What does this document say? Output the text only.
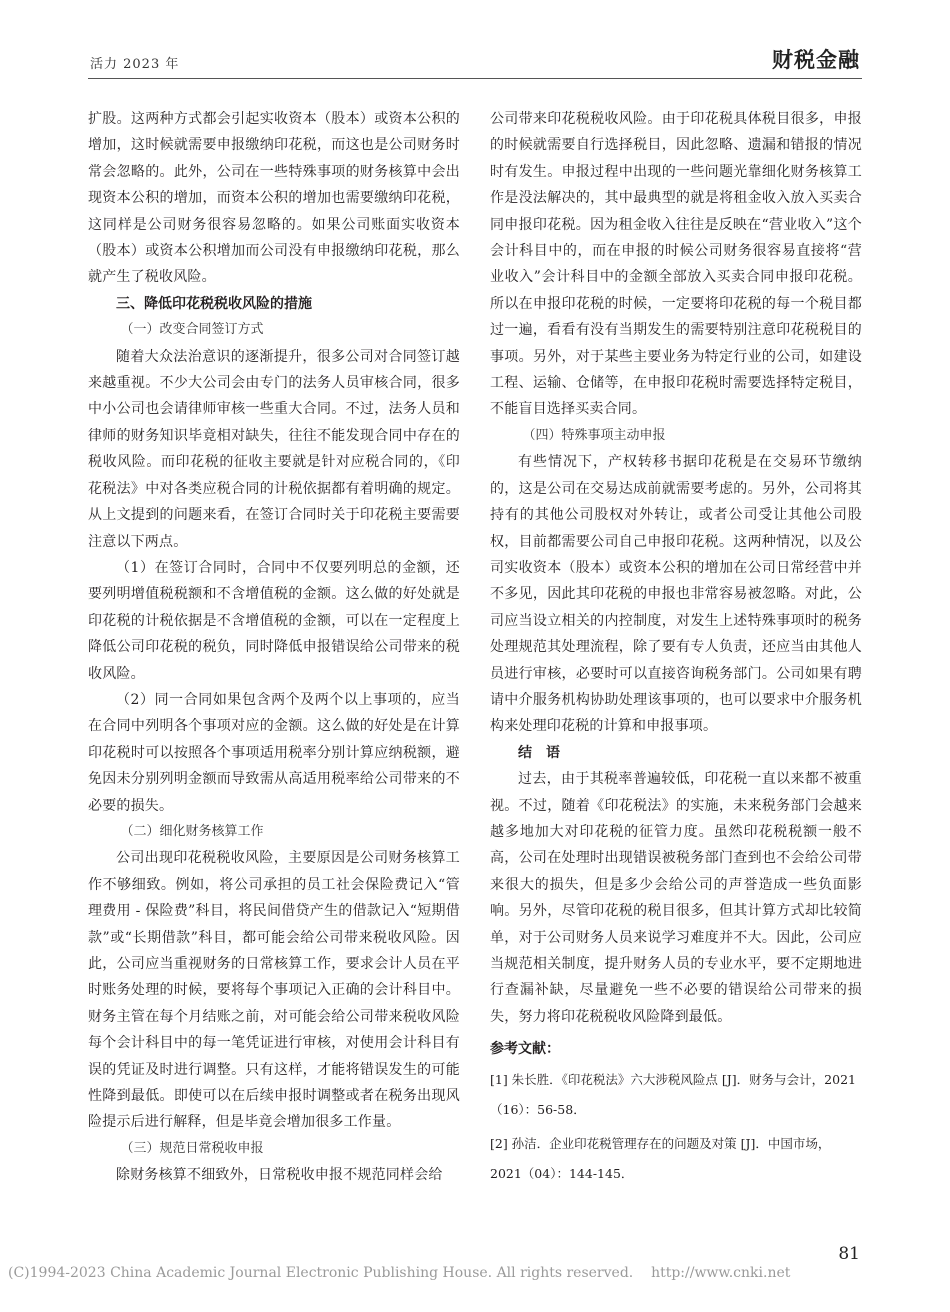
活力 2023 年	财税金融

扩股。这两种方式都会引起实收资本（股本）或资本公积的增加，这时候就需要申报缴纳印花税，而这也是公司财务时常会忽略的。此外，公司在一些特殊事项的财务核算中会出现资本公积的增加，而资本公积的增加也需要缴纳印花税，这同样是公司财务很容易忽略的。如果公司账面实收资本（股本）或资本公积增加而公司没有申报缴纳印花税，那么就产生了税收风险。

三、降低印花税税收风险的措施
（一）改变合同签订方式

随着大众法治意识的逐渐提升，很多公司对合同签订越来越重视。不少大公司会由专门的法务人员审核合同，很多中小公司也会请律师审核一些重大合同。不过，法务人员和律师的财务知识毕竟相对缺失，往往不能发现合同中存在的税收风险。而印花税的征收主要就是针对应税合同的，《印花税法》中对各类应税合同的计税依据都有着明确的规定。从上文提到的问题来看，在签订合同时关于印花税主要需要注意以下两点。

（1）在签订合同时，合同中不仅要列明总的金额，还要列明增值税税额和不含增值税的金额。这么做的好处就是印花税的计税依据是不含增值税的金额，可以在一定程度上降低公司印花税的税负，同时降低申报错误给公司带来的税收风险。

（2）同一合同如果包含两个及两个以上事项的，应当在合同中列明各个事项对应的金额。这么做的好处是在计算印花税时可以按照各个事项适用税率分别计算应纳税额，避免因未分别列明金额而导致需从高适用税率给公司带来的不必要的损失。

（二）细化财务核算工作

公司出现印花税税收风险，主要原因是公司财务核算工作不够细致。例如，将公司承担的员工社会保险费记入“管理费用 - 保险费”科目，将民间借贷产生的借款记入“短期借款”或“长期借款”科目，都可能会给公司带来税收风险。因此，公司应当重视财务的日常核算工作，要求会计人员在平时账务处理的时候，要将每个事项记入正确的会计科目中。财务主管在每个月结账之前，对可能会给公司带来税收风险每个会计科目中的每一笔凭证进行审核，对使用会计科目有误的凭证及时进行调整。只有这样，才能将错误发生的可能性降到最低。即使可以在后续申报时调整或者在税务出现风险提示后进行解释，但是毕竟会增加很多工作量。

（三）规范日常税收申报

除财务核算不细致外，日常税收申报不规范同样会给

公司带来印花税税收风险。由于印花税具体税目很多，申报的时候就需要自行选择税目，因此忽略、遗漏和错报的情况时有发生。申报过程中出现的一些问题光靠细化财务核算工作是没法解决的，其中最典型的就是将租金收入放入买卖合同申报印花税。因为租金收入往往是反映在“营业收入”这个会计科目中的，而在申报的时候公司财务很容易直接将“营业收入”会计科目中的金额全部放入买卖合同申报印花税。所以在申报印花税的时候，一定要将印花税的每一个税目都过一遍，看看有没有当期发生的需要特别注意印花税税目的事项。另外，对于某些主要业务为特定行业的公司，如建设工程、运输、仓储等，在申报印花税时需要选择特定税目，不能盲目选择买卖合同。

（四）特殊事项主动申报

有些情况下，产权转移书据印花税是在交易环节缴纳的，这是公司在交易达成前就需要考虑的。另外，公司将其持有的其他公司股权对外转让，或者公司受让其他公司股权，目前都需要公司自己申报印花税。这两种情况，以及公司实收资本（股本）或资本公积的增加在公司日常经营中并不多见，因此其印花税的申报也非常容易被忽略。对此，公司应当设立相关的内控制度，对发生上述特殊事项时的税务处理规范其处理流程，除了要有专人负责，还应当由其他人员进行审核，必要时可以直接咨询税务部门。公司如果有聘请中介服务机构协助处理该事项的，也可以要求中介服务机构来处理印花税的计算和申报事项。

结　语

过去，由于其税率普遍较低，印花税一直以来都不被重视。不过，随着《印花税法》的实施，未来税务部门会越来越多地加大对印花税的征管力度。虽然印花税税额一般不高，公司在处理时出现错误被税务部门查到也不会给公司带来很大的损失，但是多少会给公司的声誉造成一些负面影响。另外，尽管印花税的税目很多，但其计算方式却比较简单，对于公司财务人员来说学习难度并不大。因此，公司应当规范相关制度，提升财务人员的专业水平，要不定期地进行查漏补缺，尽量避免一些不必要的错误给公司带来的损失，努力将印花税税收风险降到最低。

参考文献：
[1] 朱长胜．《印花税法》六大涉税风险点 [J]．财务与会计，2021（16）：56-58．
[2] 孙洁．企业印花税管理存在的问题及对策 [J]．中国市场，2021（04）：144-145．
81
(C)1994-2023 China Academic Journal Electronic Publishing House. All rights reserved. http://www.cnki.net
